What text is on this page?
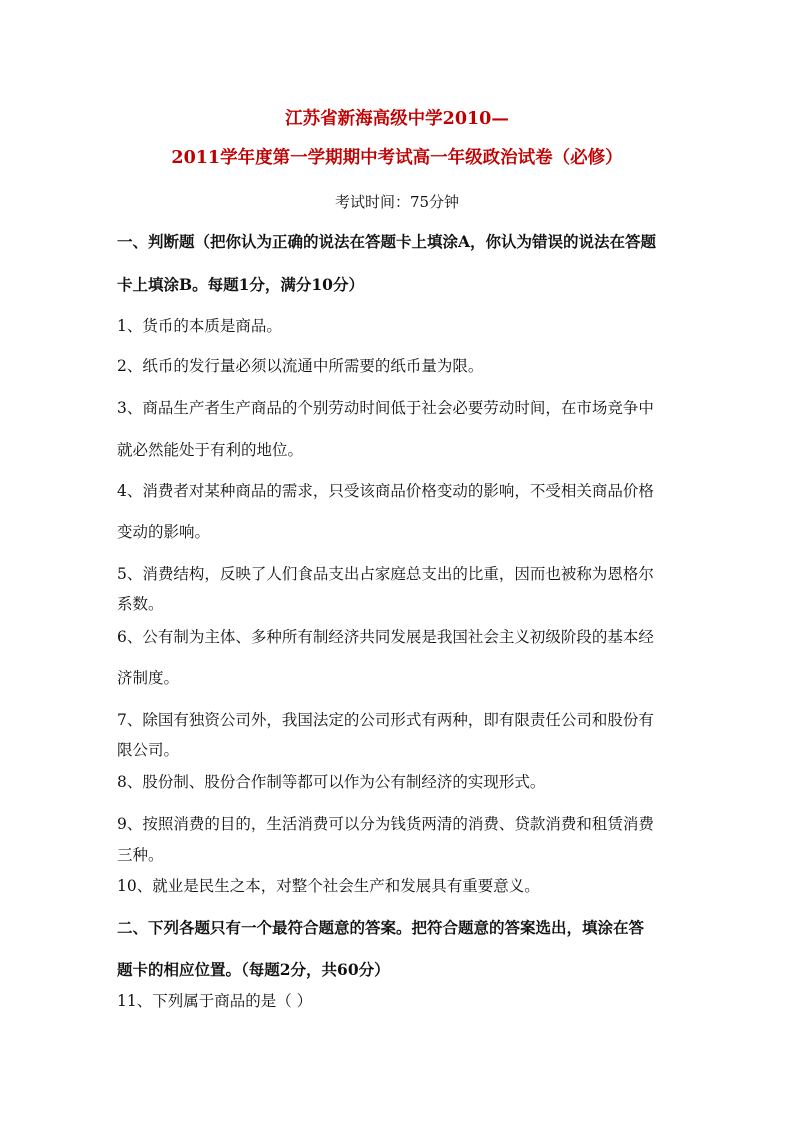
江苏省新海高级中学2010—
2011学年度第一学期期中考试高一年级政治试卷（必修）
考试时间：75分钟
一、判断题（把你认为正确的说法在答题卡上填涂A，你认为错误的说法在答题
卡上填涂B。每题1分，满分10分）
1、货币的本质是商品。
2、纸币的发行量必须以流通中所需要的纸币量为限。
3、商品生产者生产商品的个别劳动时间低于社会必要劳动时间，在市场竞争中
就必然能处于有利的地位。
4、消费者对某种商品的需求，只受该商品价格变动的影响，不受相关商品价格
变动的影响。
5、消费结构，反映了人们食品支出占家庭总支出的比重，因而也被称为恩格尔
系数。
6、公有制为主体、多种所有制经济共同发展是我国社会主义初级阶段的基本经
济制度。
7、除国有独资公司外，我国法定的公司形式有两种，即有限责任公司和股份有
限公司。
8、股份制、股份合作制等都可以作为公有制经济的实现形式。
9、按照消费的目的，生活消费可以分为钱货两清的消费、贷款消费和租赁消费
三种。
10、就业是民生之本，对整个社会生产和发展具有重要意义。
二、下列各题只有一个最符合题意的答案。把符合题意的答案选出，填涂在答
题卡的相应位置。（每题2分，共60分）
11、下列属于商品的是（ ）
